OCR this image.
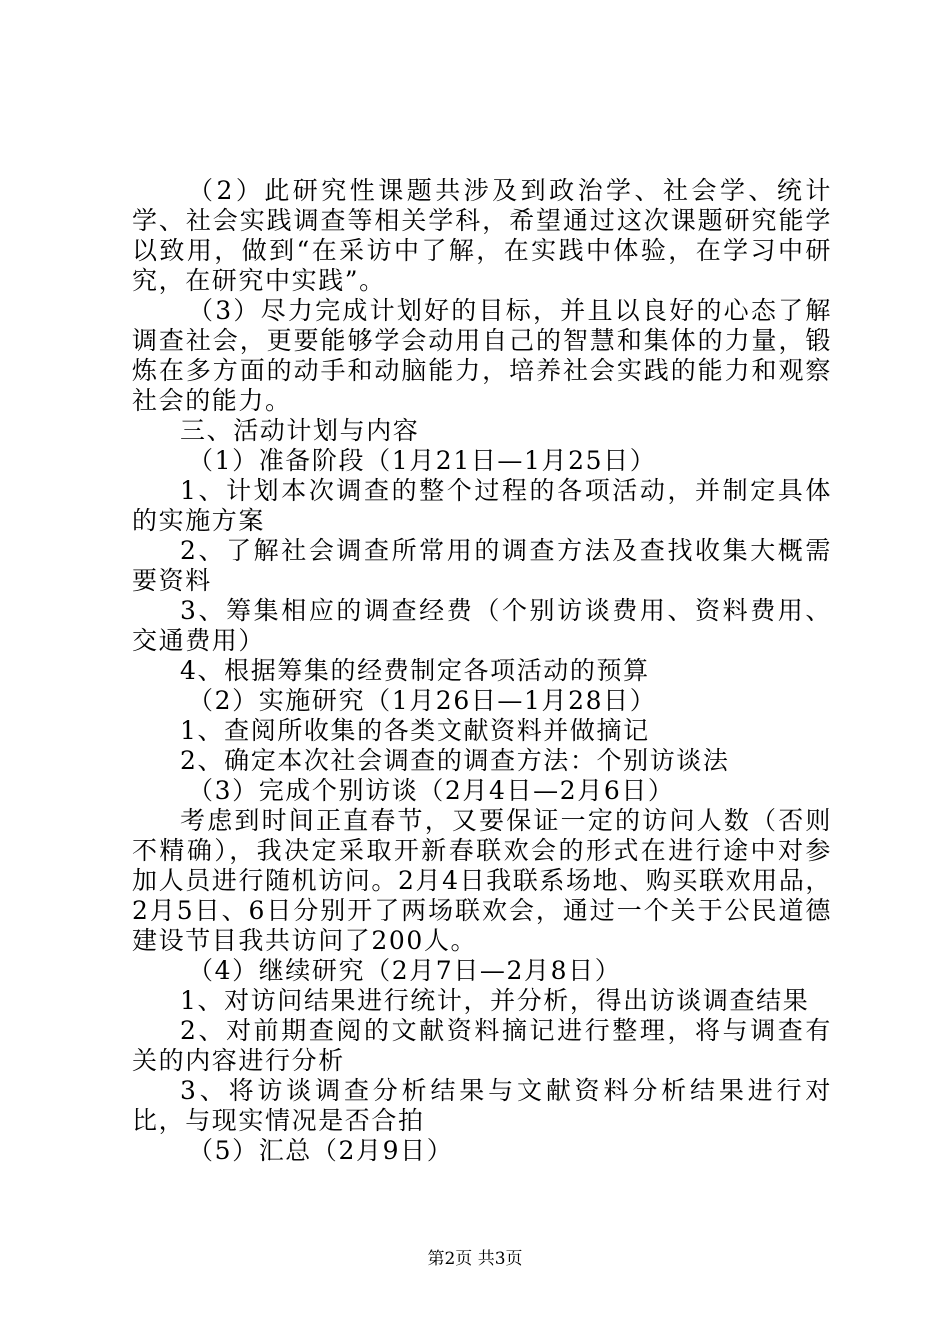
（2）此研究性课题共涉及到政治学、社会学、统计学、社会实践调查等相关学科，希望通过这次课题研究能学以致用，做到“在采访中了解，在实践中体验，在学习中研究，在研究中实践”。

（3）尽力完成计划好的目标，并且以良好的心态了解调查社会，更要能够学会动用自己的智慧和集体的力量，锻炼在多方面的动手和动脑能力，培养社会实践的能力和观察社会的能力。

三、活动计划与内容

（1）准备阶段（1月21日—1月25日）

1、计划本次调查的整个过程的各项活动，并制定具体的实施方案

2、了解社会调查所常用的调查方法及查找收集大概需要资料

3、筹集相应的调查经费（个别访谈费用、资料费用、交通费用）

4、根据筹集的经费制定各项活动的预算

（2）实施研究（1月26日—1月28日）

1、查阅所收集的各类文献资料并做摘记

2、确定本次社会调查的调查方法：个别访谈法

（3）完成个别访谈（2月4日—2月6日）

考虑到时间正直春节，又要保证一定的访问人数（否则不精确），我决定采取开新春联欢会的形式在进行途中对参加人员进行随机访问。2月4日我联系场地、购买联欢用品，2月5日、6日分别开了两场联欢会，通过一个关于公民道德建设节目我共访问了200人。

（4）继续研究（2月7日—2月8日）

1、对访问结果进行统计，并分析，得出访谈调查结果

2、对前期查阅的文献资料摘记进行整理，将与调查有关的内容进行分析

3、将访谈调查分析结果与文献资料分析结果进行对比，与现实情况是否合拍

（5）汇总（2月9日）

第2页 共3页
